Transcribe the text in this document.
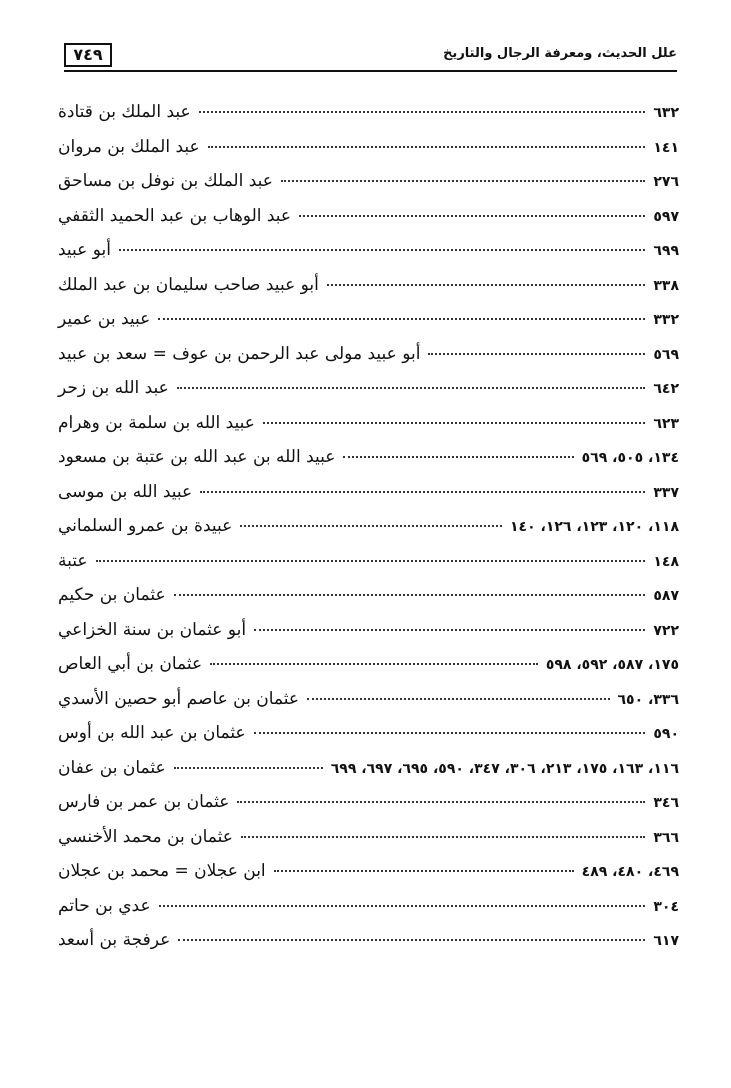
٧٤٩	علل الحديث، ومعرفة الرجال والتاريخ
عبد الملك بن قتادة	٦٣٢
عبد الملك بن مروان	١٤١
عبد الملك بن نوفل بن مساحق	٢٧٦
عبد الوهاب بن عبد الحميد الثقفي	٥٩٧
أبو عبيد	٦٩٩
أبو عبيد صاحب سليمان بن عبد الملك	٣٣٨
عبيد بن عمير	٣٣٢
أبو عبيد مولى عبد الرحمن بن عوف = سعد بن عبيد	٥٦٩
عبد الله بن زحر	٦٤٢
عبيد الله بن سلمة بن وهرام	٦٢٣
عبيد الله بن عبد الله بن عتبة بن مسعود	١٣٤، ٥٠٥، ٥٦٩
عبيد الله بن موسى	٣٣٧
عبيدة بن عمرو السلماني	١١٨، ١٢٠، ١٢٣، ١٢٦، ١٤٠
عتبة	١٤٨
عثمان بن حكيم	٥٨٧
أبو عثمان بن سنة الخزاعي	٧٢٢
عثمان بن أبي العاص	١٧٥، ٥٨٧، ٥٩٢، ٥٩٨
عثمان بن عاصم أبو حصين الأسدي	٣٣٦، ٦٥٠
عثمان بن عبد الله بن أوس	٥٩٠
عثمان بن عفان	١١٦، ١٦٣، ١٧٥، ٢١٣، ٣٠٦، ٣٤٧، ٥٩٠، ٦٩٥، ٦٩٧، ٦٩٩
عثمان بن عمر بن فارس	٣٤٦
عثمان بن محمد الأخنسي	٣٦٦
ابن عجلان = محمد بن عجلان	٤٦٩، ٤٨٠، ٤٨٩
عدي بن حاتم	٣٠٤
عرفجة بن أسعد	٦١٧
